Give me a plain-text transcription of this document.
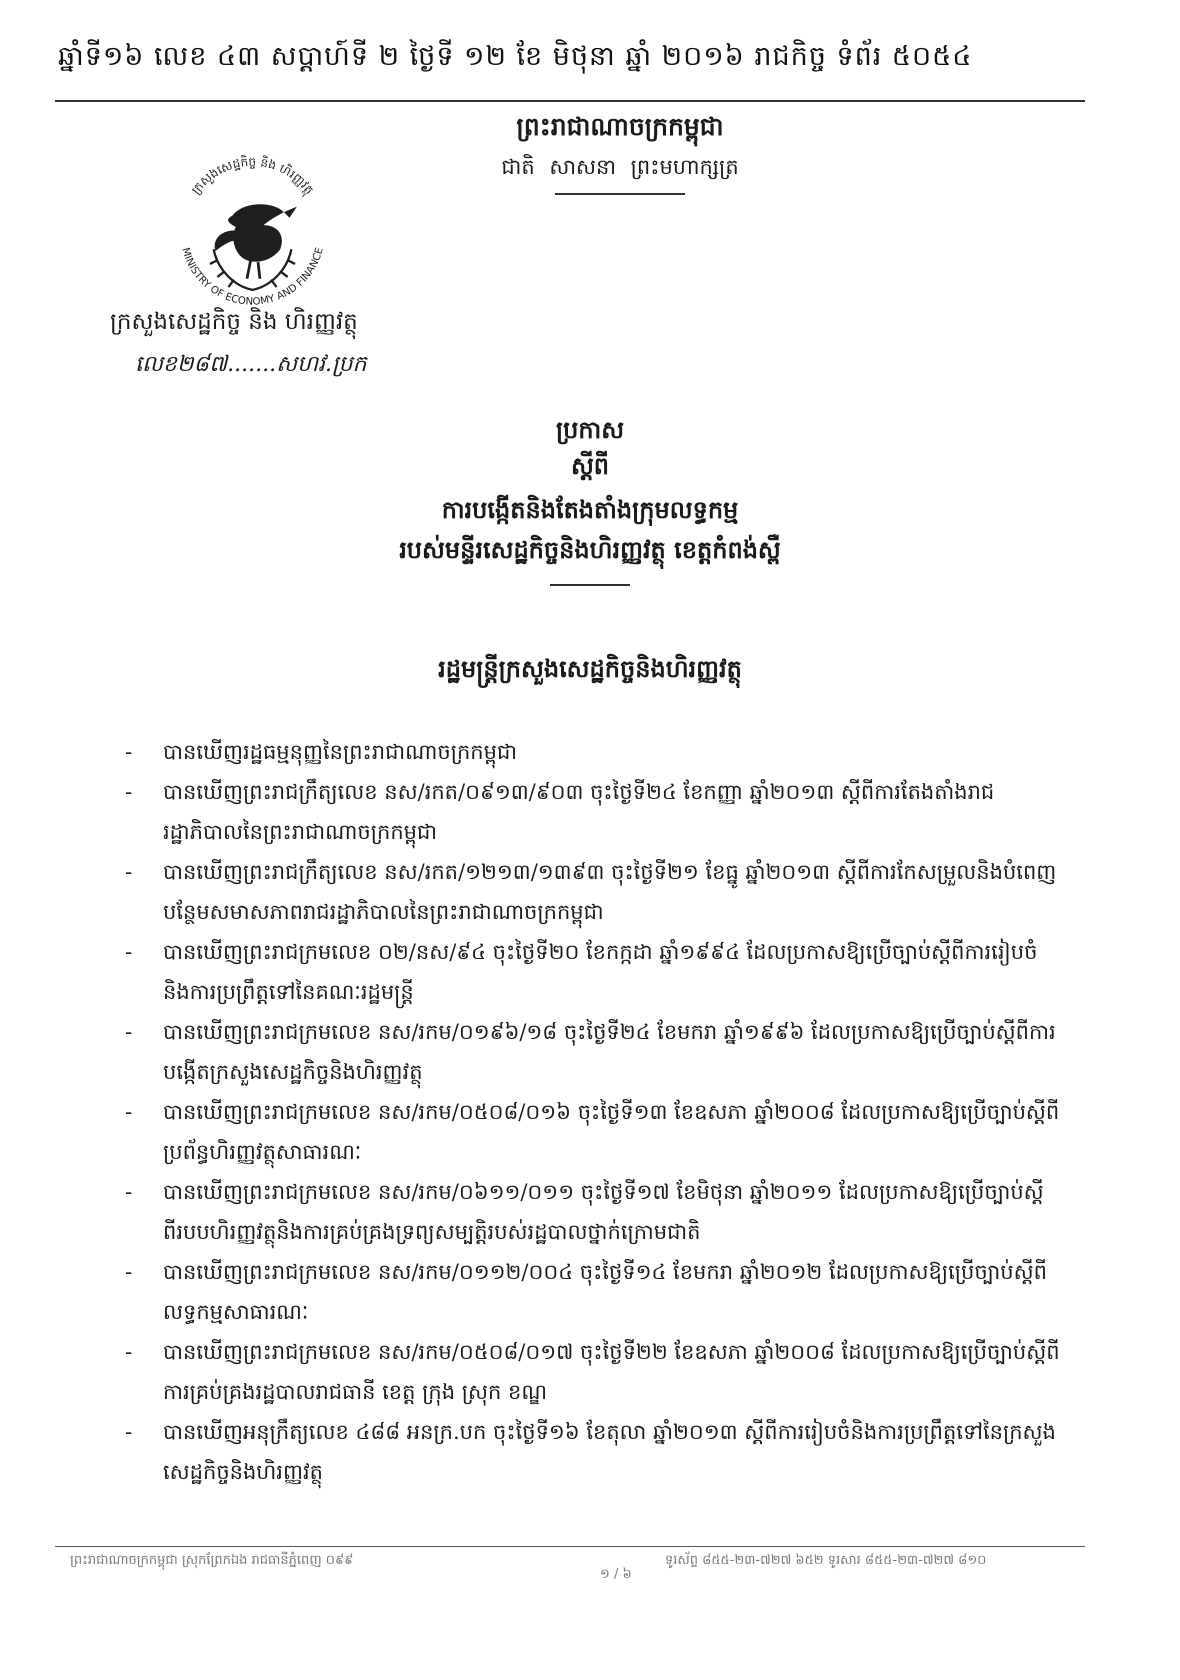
ឆ្នាំទី១៦ លេខ ៤៣ សប្តាហ៍ទី ២ ថ្ងៃទី ១២ ខែ មិថុនា ឆ្នាំ ២០១៦ រាជកិច្ច ទំព័រ ៥០៥៤
ព្រះរាជាណាចក្រកម្ពុជា
ជាតិ សាសនា ព្រះមហាក្សត្រ
ក្រសួងសេដ្ឋកិច្ច និង ហិរញ្ញវត្ថុ
MINISTRY OF ECONOMY AND FINANCE
ក្រសួងសេដ្ឋកិច្ច និង ហិរញ្ញវត្ថុ
លេខ២៨៧.......សហវ.ប្រក
ប្រកាស
ស្តីពី
ការបង្កើតនិងតែងតាំងក្រុមលទ្ធកម្ម
របស់មន្ទីរសេដ្ឋកិច្ចនិងហិរញ្ញវត្ថុ ខេត្តកំពង់ស្ពឺ
រដ្ឋមន្ត្រីក្រសួងសេដ្ឋកិច្ចនិងហិរញ្ញវត្ថុ
- បានឃើញរដ្ឋធម្មនុញ្ញនៃព្រះរាជាណាចក្រកម្ពុជា
- បានឃើញព្រះរាជក្រឹត្យលេខ នស/រកត/០៩១៣/៩០៣ ចុះថ្ងៃទី២៤ ខែកញ្ញា ឆ្នាំ២០១៣ ស្តីពីការតែងតាំងរាជរដ្ឋាភិបាលនៃព្រះរាជាណាចក្រកម្ពុជា
- បានឃើញព្រះរាជក្រឹត្យលេខ នស/រកត/១២១៣/១៣៩៣ ចុះថ្ងៃទី២១ ខែធ្នូ ឆ្នាំ២០១៣ ស្តីពីការកែសម្រួលនិងបំពេញបន្ថែមសមាសភាពរាជរដ្ឋាភិបាលនៃព្រះរាជាណាចក្រកម្ពុជា
- បានឃើញព្រះរាជក្រមលេខ ០២/នស/៩៤ ចុះថ្ងៃទី២០ ខែកក្កដា ឆ្នាំ១៩៩៤ ដែលប្រកាសឱ្យប្រើច្បាប់ស្តីពីការរៀបចំនិងការប្រព្រឹត្តទៅនៃគណៈរដ្ឋមន្ត្រី
- បានឃើញព្រះរាជក្រមលេខ នស/រកម/០១៩៦/១៨ ចុះថ្ងៃទី២៤ ខែមករា ឆ្នាំ១៩៩៦ ដែលប្រកាសឱ្យប្រើច្បាប់ស្តីពីការបង្កើតក្រសួងសេដ្ឋកិច្ចនិងហិរញ្ញវត្ថុ
- បានឃើញព្រះរាជក្រមលេខ នស/រកម/០៥០៨/០១៦ ចុះថ្ងៃទី១៣ ខែឧសភា ឆ្នាំ២០០៨ ដែលប្រកាសឱ្យប្រើច្បាប់ស្តីពីប្រព័ន្ធហិរញ្ញវត្ថុសាធារណៈ
- បានឃើញព្រះរាជក្រមលេខ នស/រកម/០៦១១/០១១ ចុះថ្ងៃទី១៧ ខែមិថុនា ឆ្នាំ២០១១ ដែលប្រកាសឱ្យប្រើច្បាប់ស្តីពីរបបហិរញ្ញវត្ថុនិងការគ្រប់គ្រងទ្រព្យសម្បត្តិរបស់រដ្ឋបាលថ្នាក់ក្រោមជាតិ
- បានឃើញព្រះរាជក្រមលេខ នស/រកម/០១១២/០០៤ ចុះថ្ងៃទី១៤ ខែមករា ឆ្នាំ២០១២ ដែលប្រកាសឱ្យប្រើច្បាប់ស្តីពីលទ្ធកម្មសាធារណៈ
- បានឃើញព្រះរាជក្រមលេខ នស/រកម/០៥០៨/០១៧ ចុះថ្ងៃទី២២ ខែឧសភា ឆ្នាំ២០០៨ ដែលប្រកាសឱ្យប្រើច្បាប់ស្តីពីការគ្រប់គ្រងរដ្ឋបាលរាជធានី ខេត្ត ក្រុង ស្រុក ខណ្ឌ
- បានឃើញអនុក្រឹត្យលេខ ៤៨៨ អនក្រ.បក ចុះថ្ងៃទី១៦ ខែតុលា ឆ្នាំ២០១៣ ស្តីពីការរៀបចំនិងការប្រព្រឹត្តទៅនៃក្រសួងសេដ្ឋកិច្ចនិងហិរញ្ញវត្ថុ
ព្រះរាជាណាចក្រកម្ពុជា ស្រុកព្រែកឯង រាជធានីភ្នំពេញ ០៩៩
១ / ៦
ទូរស័ព្ទ ៨៥៥-២៣-៧២៧ ៦៥២ ទូរសារ ៨៥៥-២៣-៧២៧ ៨១០
